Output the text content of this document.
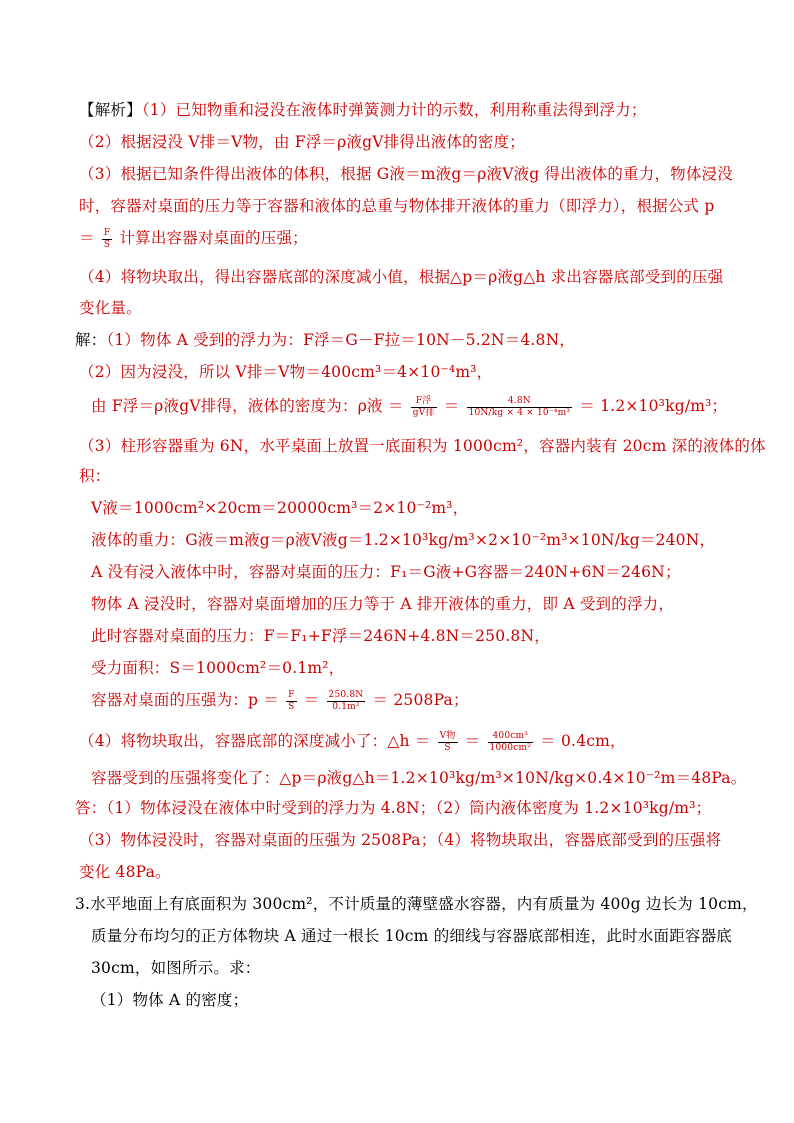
【解析】（1）已知物重和浸没在液体时弹簧测力计的示数，利用称重法得到浮力；
（2）根据浸没 V排＝V物，由 F浮＝ρ液gV排得出液体的密度；
（3）根据已知条件得出液体的体积，根据 G液＝m液g＝ρ液V液g 得出液体的重力，物体浸没
时，容器对桌面的压力等于容器和液体的总重与物体排开液体的重力（即浮力），根据公式 p
＝ $\frac{F}{S}$ 计算出容器对桌面的压强；
（4）将物块取出，得出容器底部的深度减小值，根据△p＝ρ液g△h 求出容器底部受到的压强
变化量。
解：（1）物体 A 受到的浮力为：F浮＝G－F拉＝10N－5.2N＝4.8N，
（2）因为浸没，所以 V排＝V物＝400cm³＝4×10⁻⁴m³，
由 F浮＝ρ液gV排得，液体的密度为：ρ液 ＝ $\frac{\text{F浮}}{\text{gV排}} = \frac{4.8N}{\text{10N/kg × 4 × 10⁻⁴m³}} = 1.2\times 10^3kg/m^3$；
（3）柱形容器重为 6N，水平桌面上放置一底面积为 1000cm²，容器内装有 20cm 深的液体的体
积：
V液＝1000cm²×20cm＝20000cm³＝2×10⁻²m³，
液体的重力：G液＝m液g＝ρ液V液g＝1.2×10³kg/m³×2×10⁻²m³×10N/kg＝240N，
A 没有浸入液体中时，容器对桌面的压力：F₁＝G液+G容器＝240N+6N＝246N；
物体 A 浸没时，容器对桌面增加的压力等于 A 排开液体的重力，即 A 受到的浮力，
此时容器对桌面的压力：F＝F₁+F浮＝246N+4.8N＝250.8N，
受力面积：S＝1000cm²＝0.1m²，
容器对桌面的压强为：$p = \frac{F}{S} = \frac{250.8N}{\text{0.1m²}} = 2508Pa$；
（4）将物块取出，容器底部的深度减小了：△h ＝ $\frac{\text{V物}}{S} = \frac{\text{400cm³}}{\text{1000cm²}} = 0.4cm$，
容器受到的压强将变化了：△p＝ρ液g△h＝1.2×10³kg/m³×10N/kg×0.4×10⁻²m＝48Pa。
答：（1）物体浸没在液体中时受到的浮力为 4.8N；（2）筒内液体密度为 1.2×10³kg/m³；
（3）物体浸没时，容器对桌面的压强为 2508Pa；（4）将物块取出，容器底部受到的压强将
变化 48Pa。
3.水平地面上有底面积为 300cm²，不计质量的薄壁盛水容器，内有质量为 400g 边长为 10cm，
质量分布均匀的正方体物块 A 通过一根长 10cm 的细线与容器底部相连，此时水面距容器底
30cm，如图所示。求：
（1）物体 A 的密度；
